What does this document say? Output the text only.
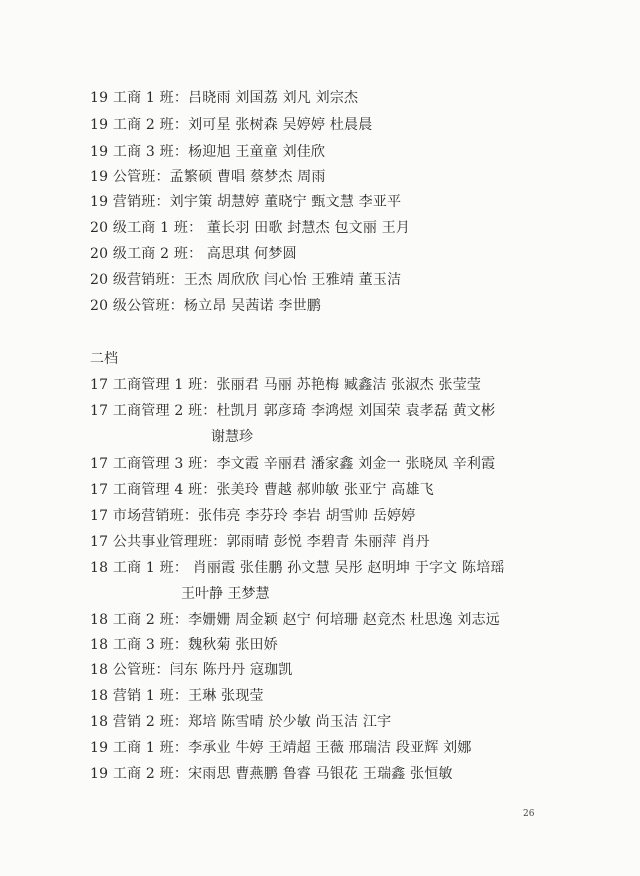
19 工商 1 班：吕晓雨 刘国荔 刘凡 刘宗杰
19 工商 2 班：刘可星 张树森 吴婷婷 杜晨晨
19 工商 3 班：杨迎旭 王童童 刘佳欣
19 公管班：孟繁硕 曹唱 蔡梦杰 周雨
19 营销班：刘宇策 胡慧婷 董晓宁 甄文慧 李亚平
20 级工商 1 班： 董长羽 田歌 封慧杰 包文丽 王月
20 级工商 2 班： 高思琪 何梦圆
20 级营销班：王杰 周欣欣 闫心怡 王雅靖 董玉洁
20 级公管班：杨立昂 吴茜诺 李世鹏
二档
17 工商管理 1 班：张丽君 马丽 苏艳梅 臧鑫洁 张淑杰 张莹莹
17 工商管理 2 班：杜凯月 郭彦琦 李鸿煜 刘国荣 袁孝磊 黄文彬
谢慧珍
17 工商管理 3 班：李文霞 辛丽君 潘家鑫 刘金一 张晓凤 辛利霞
17 工商管理 4 班：张美玲 曹越 郝帅敏 张亚宁 高雄飞
17 市场营销班：张伟亮 李芬玲 李岩 胡雪帅 岳婷婷
17 公共事业管理班：郭雨晴 彭悦 李碧青 朱丽萍 肖丹
18 工商 1 班： 肖丽霞 张佳鹏 孙文慧 吴彤 赵明坤 于字文 陈培瑶
王叶静 王梦慧
18 工商 2 班：李姗姗 周金颖 赵宁 何培珊 赵竞杰 杜思逸 刘志远
18 工商 3 班：魏秋菊 张田娇
18 公管班：闫东 陈丹丹 寇珈凯
18 营销 1 班：王琳 张现莹
18 营销 2 班：郑培 陈雪晴 於少敏 尚玉洁 江宇
19 工商 1 班：李承业 牛婷 王靖超 王薇 邢瑞洁 段亚辉 刘娜
19 工商 2 班：宋雨思 曹燕鹏 鲁睿 马银花 王瑞鑫 张恒敏
26
